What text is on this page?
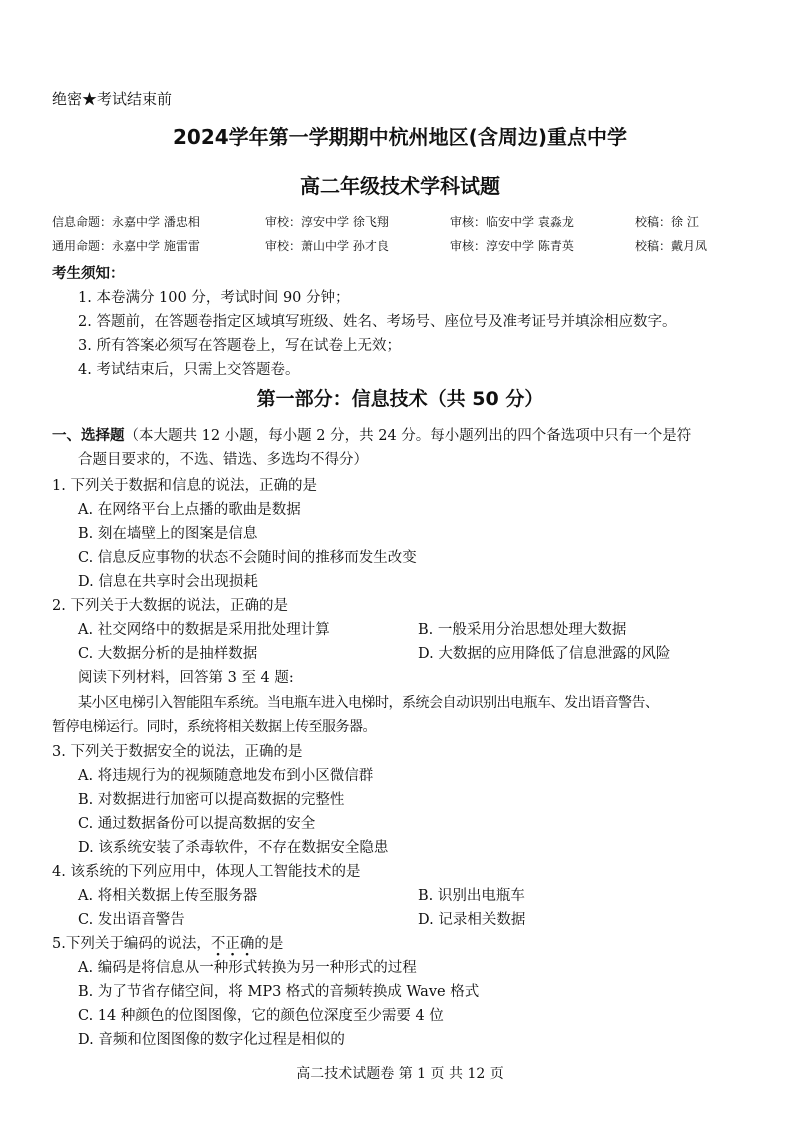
绝密★考试结束前
2024学年第一学期期中杭州地区(含周边)重点中学
高二年级技术学科试题
信息命题：永嘉中学 潘忠相	审校：淳安中学 徐飞翔	审核：临安中学 袁淼龙	校稿：徐 江
通用命题：永嘉中学 施雷雷	审校：萧山中学 孙才良	审核：淳安中学 陈青英	校稿：戴月凤
考生须知：
1. 本卷满分 100 分，考试时间 90 分钟；
2. 答题前，在答题卷指定区域填写班级、姓名、考场号、座位号及准考证号并填涂相应数字。
3. 所有答案必须写在答题卷上，写在试卷上无效；
4. 考试结束后，只需上交答题卷。
第一部分：信息技术（共 50 分）
一、选择题（本大题共 12 小题，每小题 2 分，共 24 分。每小题列出的四个备选项中只有一个是符
合题目要求的，不选、错选、多选均不得分）
1. 下列关于数据和信息的说法，正确的是
A. 在网络平台上点播的歌曲是数据
B. 刻在墙壁上的图案是信息
C. 信息反应事物的状态不会随时间的推移而发生改变
D. 信息在共享时会出现损耗
2. 下列关于大数据的说法，正确的是
A. 社交网络中的数据是采用批处理计算	B. 一般采用分治思想处理大数据
C. 大数据分析的是抽样数据	D. 大数据的应用降低了信息泄露的风险
阅读下列材料，回答第 3 至 4 题:
某小区电梯引入智能阻车系统。当电瓶车进入电梯时，系统会自动识别出电瓶车、发出语音警告、
暂停电梯运行。同时，系统将相关数据上传至服务器。
3. 下列关于数据安全的说法，正确的是
A. 将违规行为的视频随意地发布到小区微信群
B. 对数据进行加密可以提高数据的完整性
C. 通过数据备份可以提高数据的安全
D. 该系统安装了杀毒软件，不存在数据安全隐患
4. 该系统的下列应用中，体现人工智能技术的是
A. 将相关数据上传至服务器	B. 识别出电瓶车
C. 发出语音警告	D. 记录相关数据
5.下列关于编码的说法，不正确的是
A. 编码是将信息从一种形式转换为另一种形式的过程
B. 为了节省存储空间，将 MP3 格式的音频转换成 Wave 格式
C. 14 种颜色的位图图像，它的颜色位深度至少需要 4 位
D. 音频和位图图像的数字化过程是相似的
高二技术试题卷 第 1 页 共 12 页
